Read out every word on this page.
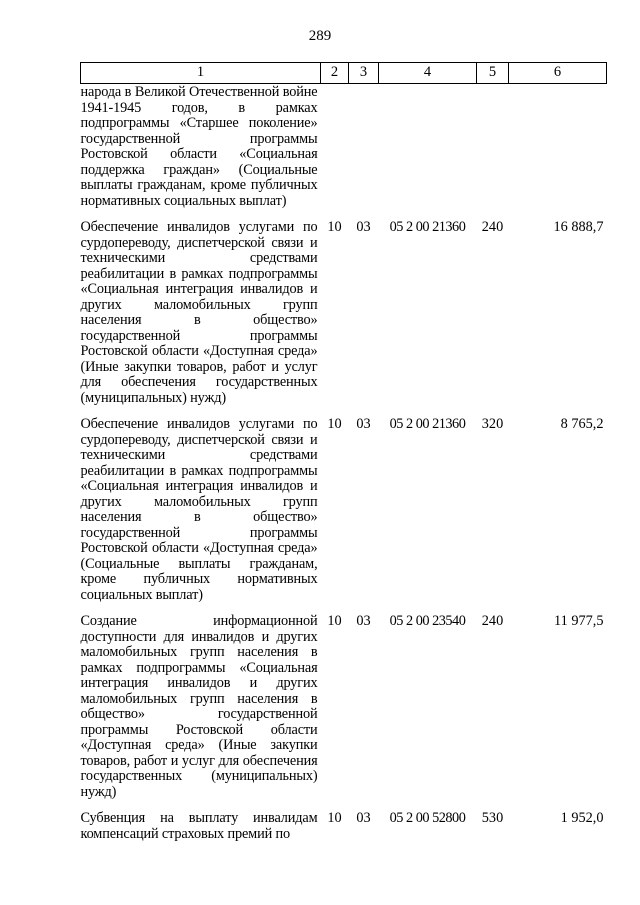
289
1	2	3	4	5	6
народа в Великой Отечественной войне 1941-1945 годов, в рамках подпрограммы «Старшее поколение» государственной программы Ростовской области «Социальная поддержка граждан» (Социальные выплаты гражданам, кроме публичных нормативных социальных выплат)					
Обеспечение инвалидов услугами по сурдопереводу, диспетчерской связи и техническими средствами реабилитации в рамках подпрограммы «Социальная интеграция инвалидов и других маломобильных групп населения в общество» государственной программы Ростовской области «Доступная среда» (Иные закупки товаров, работ и услуг для обеспечения государственных (муниципальных) нужд)	10	03	05 2 00 21360	240	16 888,7
Обеспечение инвалидов услугами по сурдопереводу, диспетчерской связи и техническими средствами реабилитации в рамках подпрограммы «Социальная интеграция инвалидов и других маломобильных групп населения в общество» государственной программы Ростовской области «Доступная среда» (Социальные выплаты гражданам, кроме публичных нормативных социальных выплат)	10	03	05 2 00 21360	320	8 765,2
Создание информационной доступности для инвалидов и других маломобильных групп населения в рамках подпрограммы «Социальная интеграция инвалидов и других маломобильных групп населения в общество» государственной программы Ростовской области «Доступная среда» (Иные закупки товаров, работ и услуг для обеспечения государственных (муниципальных) нужд)	10	03	05 2 00 23540	240	11 977,5
Субвенция на выплату инвалидам компенсаций страховых премий по	10	03	05 2 00 52800	530	1 952,0
